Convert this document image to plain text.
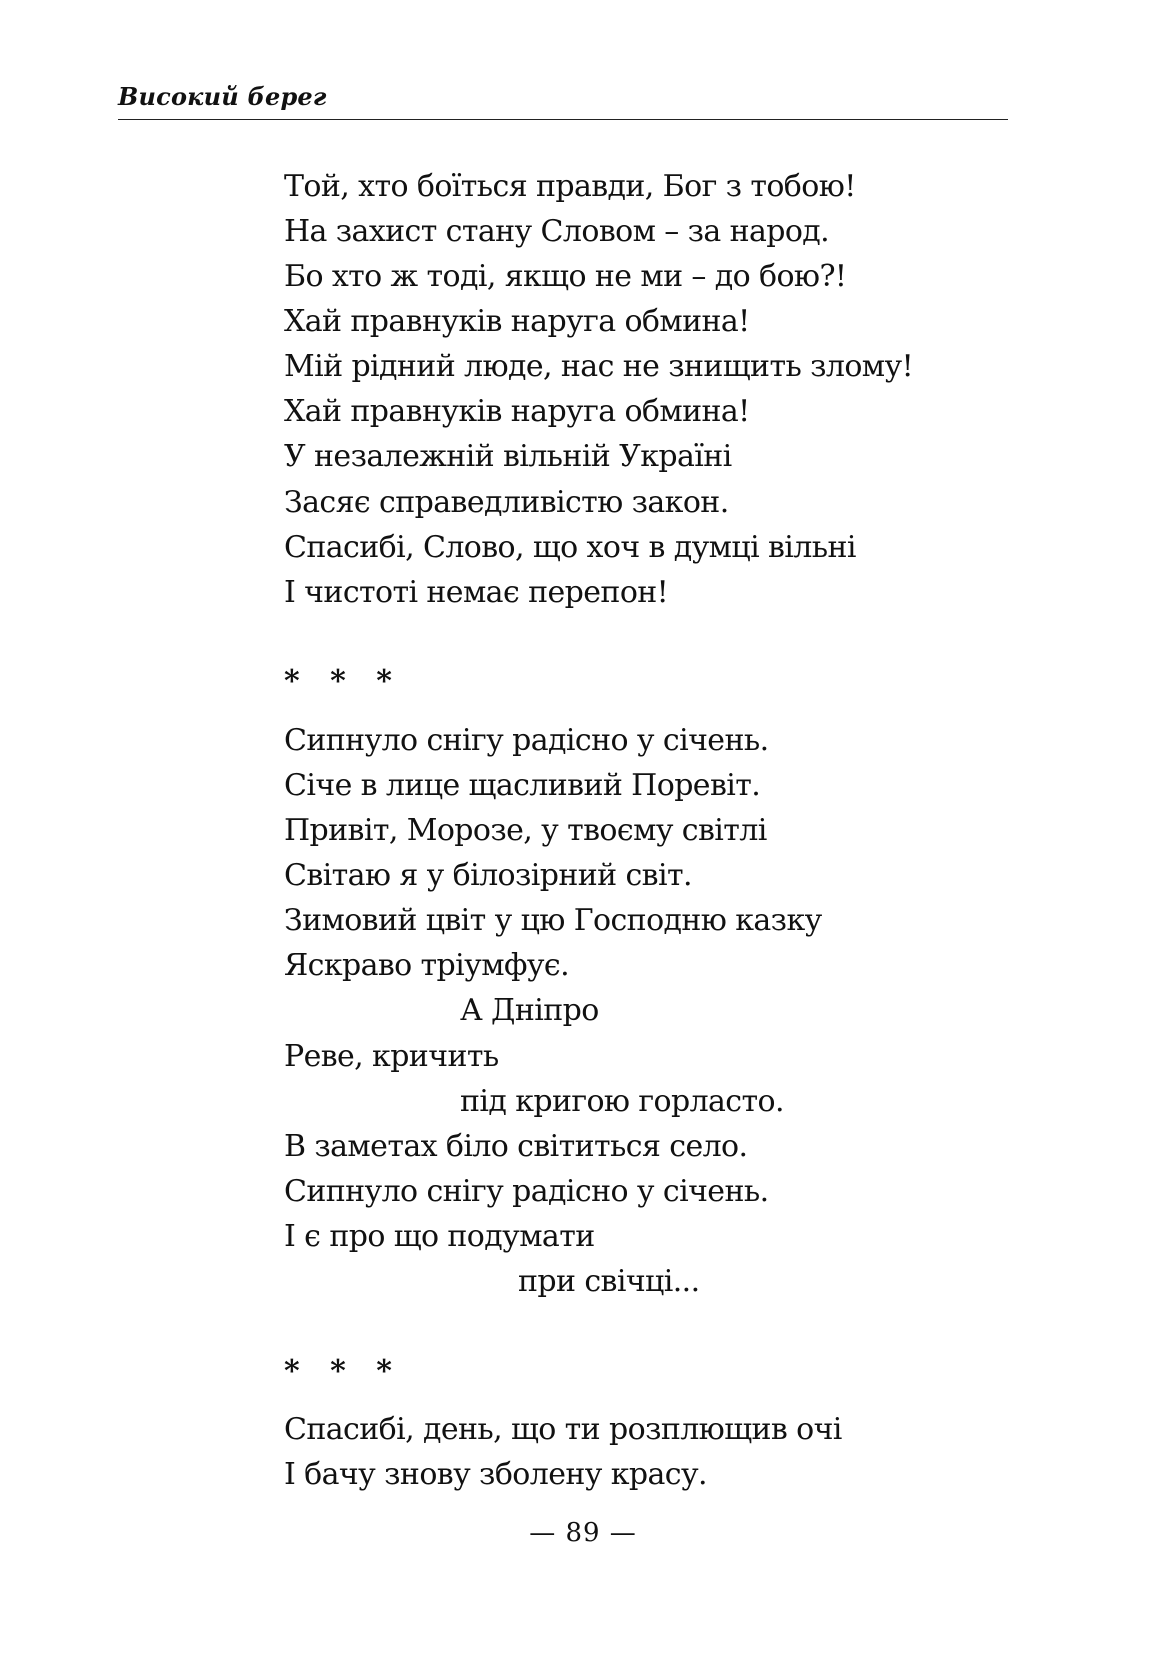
Високий берег
Той, хто боїться правди, Бог з тобою!
На захист стану Словом – за народ.
Бо хто ж тоді, якщо не ми – до бою?!
Хай правнуків наруга обмина!
Мій рідний люде, нас не знищить злому!
Хай правнуків наруга обмина!
У незалежній вільній Україні
Засяє справедливістю закон.
Спасибі, Слово, що хоч в думці вільні
І чистоті немає перепон!
* * *
Сипнуло снігу радісно у січень.
Січе в лице щасливий Поревіт.
Привіт, Морозе, у твоєму світлі
Світаю я у білозірний світ.
Зимовий цвіт у цю Господню казку
Яскраво тріумфує.
А Дніпро
Реве, кричить
під кригою горласто.
В заметах біло світиться село.
Сипнуло снігу радісно у січень.
І є про що подумати
при свічці...
* * *
Спасибі, день, що ти розплющив очі
І бачу знову зболену красу.
— 89 —
